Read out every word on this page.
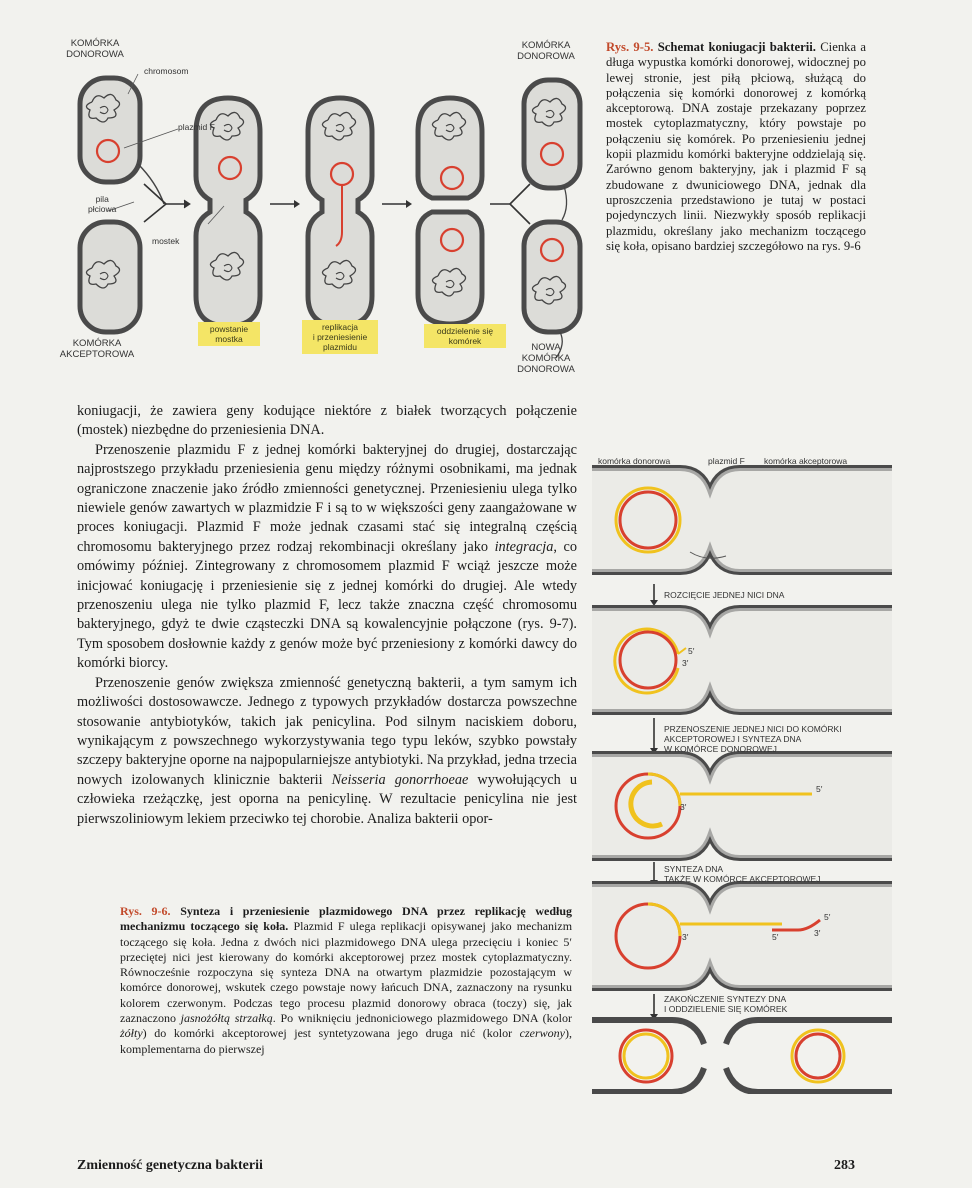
KOMÓRKA
DONOROWA
KOMÓRKA
DONOROWA
chromosom
plazmid F
pila
płciowa
mostek
KOMÓRKA
AKCEPTOROWA
NOWA
KOMÓRKA
DONOROWA
powstanie
mostka
replikacja
i przeniesienie
plazmidu
oddzielenie się
komórek
Rys. 9-5. Schemat koniugacji bakterii. Cienka a długa wypustka komórki donorowej, widocznej po lewej stronie, jest piłą płciową, służącą do połączenia się komórki donorowej z komórką akceptorową. DNA zostaje przekazany poprzez mostek cytoplazmatyczny, który powstaje po połączeniu się komórek. Po przeniesieniu jednej kopii plazmidu komórki bakteryjne oddzielają się. Zarówno genom bakteryjny, jak i plazmid F są zbudowane z dwuniciowego DNA, jednak dla uproszczenia przedstawiono je tutaj w postaci pojedynczych linii. Niezwykły sposób replikacji plazmidu, określany jako mechanizm toczącego się koła, opisano bardziej szczegółowo na rys. 9-6

koniugacji, że zawiera geny kodujące niektóre z białek tworzących połączenie (mostek) niezbędne do przeniesienia DNA.

Przenoszenie plazmidu F z jednej komórki bakteryjnej do drugiej, dostarczając najprostszego przykładu przeniesienia genu między różnymi osobnikami, ma jednak ograniczone znaczenie jako źródło zmienności genetycznej. Przeniesieniu ulega tylko niewiele genów zawartych w plazmidzie F i są to w większości geny zaangażowane w proces koniugacji. Plazmid F może jednak czasami stać się integralną częścią chromosomu bakteryjnego przez rodzaj rekombinacji określany jako integracja, co omówimy później. Zintegrowany z chromosomem plazmid F wciąż jeszcze może inicjować koniugację i przeniesienie się z jednej komórki do drugiej. Ale wtedy przenoszeniu ulega nie tylko plazmid F, lecz także znaczna część chromosomu bakteryjnego, gdyż te dwie cząsteczki DNA są kowalencyjnie połączone (rys. 9-7). Tym sposobem dosłownie każdy z genów może być przeniesiony z komórki dawcy do komórki biorcy.

Przenoszenie genów zwiększa zmienność genetyczną bakterii, a tym samym ich możliwości dostosowawcze. Jednego z typowych przykładów dostarcza powszechne stosowanie antybiotyków, takich jak penicylina. Pod silnym naciskiem doboru, wynikającym z powszechnego wykorzystywania tego typu leków, szybko powstały szczepy bakteryjne oporne na najpopularniejsze antybiotyki. Na przykład, jedna trzecia nowych izolowanych klinicznie bakterii Neisseria gonorrhoeae wywołujących u człowieka rzeżączkę, jest oporna na penicylinę. W rezultacie penicylina nie jest pierwszoliniowym lekiem przeciwko tej chorobie. Analiza bakterii opor-

Rys. 9-6. Synteza i przeniesienie plazmidowego DNA przez replikację według mechanizmu toczącego się koła. Plazmid F ulega replikacji opisywanej jako mechanizm toczącego się koła. Jedna z dwóch nici plazmidowego DNA ulega przecięciu i koniec 5′ przeciętej nici jest kierowany do komórki akceptorowej przez mostek cytoplazmatyczny. Równocześnie rozpoczyna się synteza DNA na otwartym plazmidzie pozostającym w komórce donorowej, wskutek czego powstaje nowy łańcuch DNA, zaznaczony na rysunku kolorem czerwonym. Podczas tego procesu plazmid donorowy obraca (toczy) się, jak zaznaczono jasnożółtą strzałką. Po wniknięciu jednoniciowego plazmidowego DNA (kolor żółty) do komórki akceptorowej jest syntetyzowana jego druga nić (kolor czerwony), komplementarna do pierwszej
komórka donorowa	plazmid F komórka akceptorowa
ROZCIĘCIE JEDNEJ NICI DNA
PRZENOSZENIE JEDNEJ NICI DO KOMÓRKI
AKCEPTOROWEJ I SYNTEZA DNA
W KOMÓRCE DONOROWEJ
SYNTEZA DNA
TAKŻE W KOMÓRCE AKCEPTOROWEJ
ZAKOŃCZENIE SYNTEZY DNA
I ODDZIELENIE SIĘ KOMÓREK
5′
3′
5′
3′
5′
3′	5′	3′
Zmienność genetyczna bakterii	283
